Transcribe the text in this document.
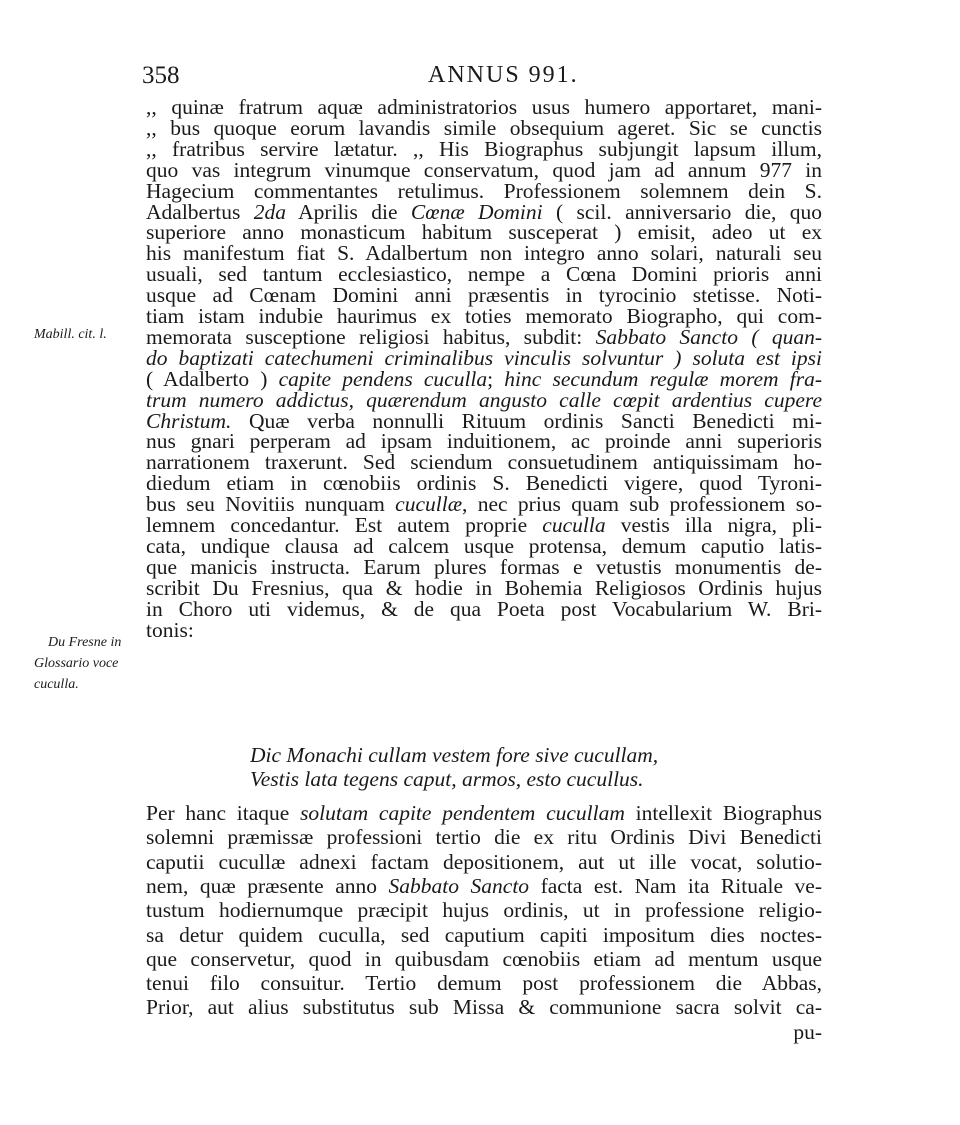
358	ANNUS 991.
,, quinæ fratrum aquæ administratorios usus humero apportaret, mani-
,, bus quoque eorum lavandis simile obsequium ageret. Sic se cunctis
,, fratribus servire lætatur. ,, His Biographus subjungit lapsum illum,
quo vas integrum vinumque conservatum, quod jam ad annum 977 in
Hagecium commentantes retulimus. Professionem solemnem dein S.
Adalbertus 2da Aprilis die Cœnæ Domini ( scil. anniversario die, quo
superiore anno monasticum habitum susceperat ) emisit, adeo ut ex
his manifestum fiat S. Adalbertum non integro anno solari, naturali seu
usuali, sed tantum ecclesiastico, nempe a Cœna Domini prioris anni
usque ad Cœnam Domini anni præsentis in tyrocinio stetisse. Noti-
tiam istam indubie haurimus ex toties memorato Biographo, qui com-
memorata susceptione religiosi habitus, subdit: Sabbato Sancto ( quan-
do baptizati catechumeni criminalibus vinculis solvuntur ) soluta est ipsi
( Adalberto ) capite pendens cuculla; hinc secundum regulæ morem fra-
trum numero addictus, quærendum angusto calle cœpit ardentius cupere
Christum. Quæ verba nonnulli Rituum ordinis Sancti Benedicti mi-
nus gnari perperam ad ipsam induitionem, ac proinde anni superioris
narrationem traxerunt. Sed sciendum consuetudinem antiquissimam ho-
diedum etiam in cœnobiis ordinis S. Benedicti vigere, quod Tyroni-
bus seu Novitiis nunquam cucullæ, nec prius quam sub professionem so-
lemnem concedantur. Est autem proprie cuculla vestis illa nigra, pli-
cata, undique clausa ad calcem usque protensa, demum caputio latis-
que manicis instructa. Earum plures formas e vetustis monumentis de-
scribit Du Fresnius, qua & hodie in Bohemia Religiosos Ordinis hujus
in Choro uti videmus, & de qua Poeta post Vocabularium W. Bri-
tonis:
Dic Monachi cullam vestem fore sive cucullam,
Vestis lata tegens caput, armos, esto cucullus.
Per hanc itaque solutam capite pendentem cucullam intellexit Biographus
solemni præmissæ professioni tertio die ex ritu Ordinis Divi Benedicti
caputii cucullæ adnexi factam depositionem, aut ut ille vocat, solutio-
nem, quæ præsente anno Sabbato Sancto facta est. Nam ita Rituale ve-
tustum hodiernumque præcipit hujus ordinis, ut in professione religio-
sa detur quidem cuculla, sed caputium capiti impositum dies noctes-
que conservetur, quod in quibusdam cœnobiis etiam ad mentum usque
tenui filo consuitur. Tertio demum post professionem die Abbas,
Prior, aut alius substitutus sub Missa & communione sacra solvit ca-
pu-
Mabill. cit. l.
Du Fresne in
Glossario voce
cuculla.
